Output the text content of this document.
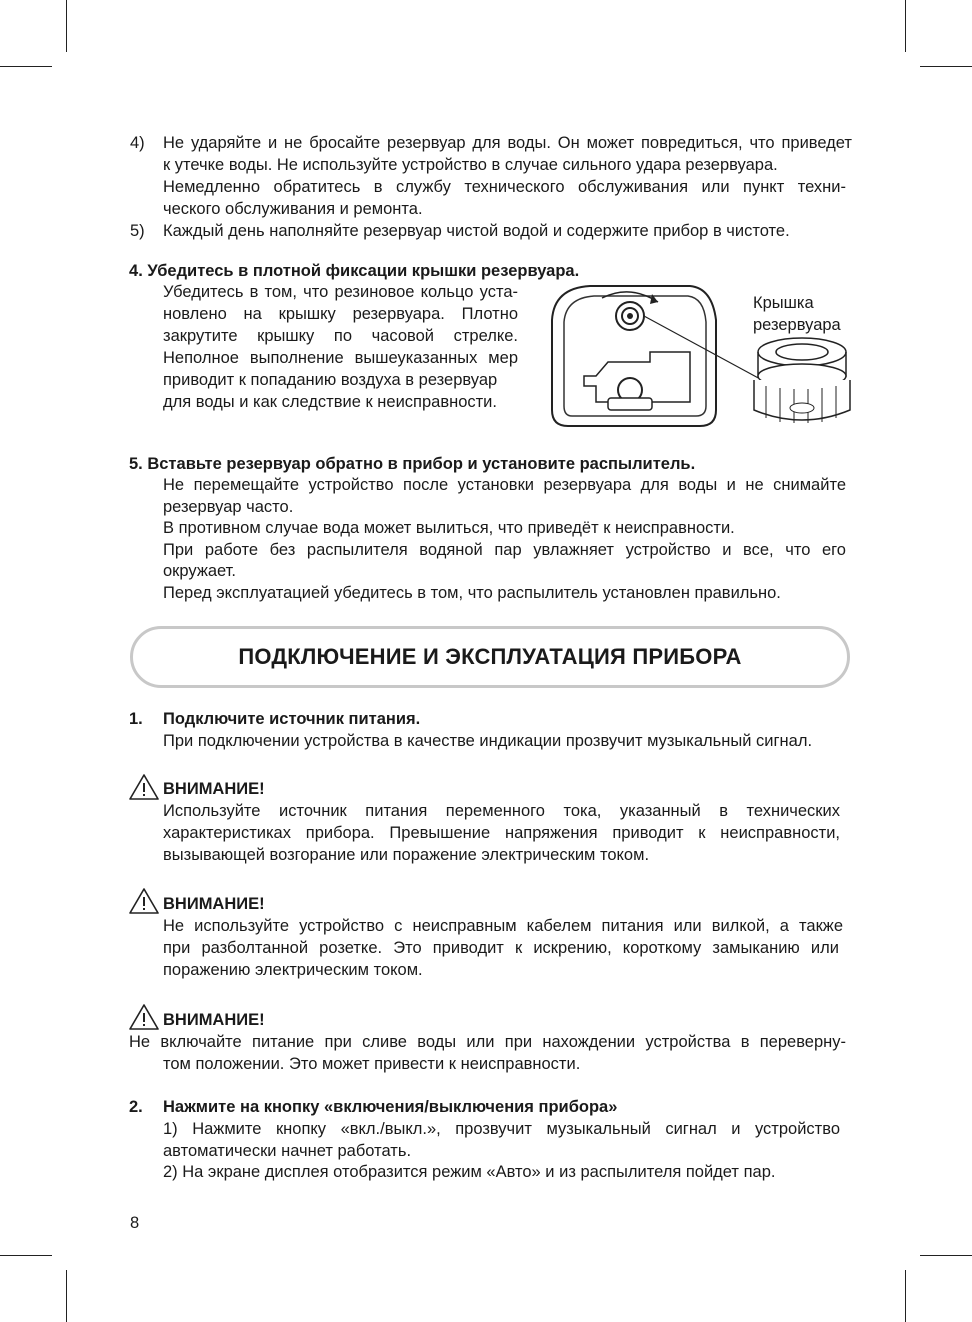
4) Не ударяйте и не бросайте резервуар для воды. Он может повредиться, что приведет
к утечке воды. Не используйте устройство в случае сильного удара резервуара.
Немедленно обратитесь в службу технического обслуживания или пункт техни-
ческого обслуживания и ремонта.
5) Каждый день наполняйте резервуар чистой водой и содержите прибор в чистоте.
4. Убедитесь в плотной фиксации крышки резервуара.
Убедитесь в том, что резиновое кольцо уста-
новлено на крышку резервуара. Плотно
закрутите крышку по часовой стрелке.
Неполное выполнение вышеуказанных мер
приводит к попаданию воздуха в резервуар
для воды и как следствие к неисправности.
Крышка
резервуара
5. Вставьте резервуар обратно в прибор и установите распылитель.
Не перемещайте устройство после установки резервуара для воды и не снимайте
резервуар часто.
В противном случае вода может вылиться, что приведёт к неисправности.
При работе без распылителя водяной пар увлажняет устройство и все, что его
окружает.
Перед эксплуатацией убедитесь в том, что распылитель установлен правильно.
ПОДКЛЮЧЕНИЕ И ЭКСПЛУАТАЦИЯ ПРИБОРА
1. Подключите источник питания.
При подключении устройства в качестве индикации прозвучит музыкальный сигнал.
ВНИМАНИЕ!
Используйте источник питания переменного тока, указанный в технических
характеристиках прибора. Превышение напряжения приводит к неисправности,
вызывающей возгорание или поражение электрическим током.
ВНИМАНИЕ!
Не используйте устройство с неисправным кабелем питания или вилкой, а также
при разболтанной розетке. Это приводит к искрению, короткому замыканию или
поражению электрическим током.
ВНИМАНИЕ!
Не включайте питание при сливе воды или при нахождении устройства в переверну-
том положении. Это может привести к неисправности.
2. Нажмите на кнопку «включения/выключения прибора»
1) Нажмите кнопку «вкл./выкл.», прозвучит музыкальный сигнал и устройство
автоматически начнет работать.
2) На экране дисплея отобразится режим «Авто» и из распылителя пойдет пар.
8
